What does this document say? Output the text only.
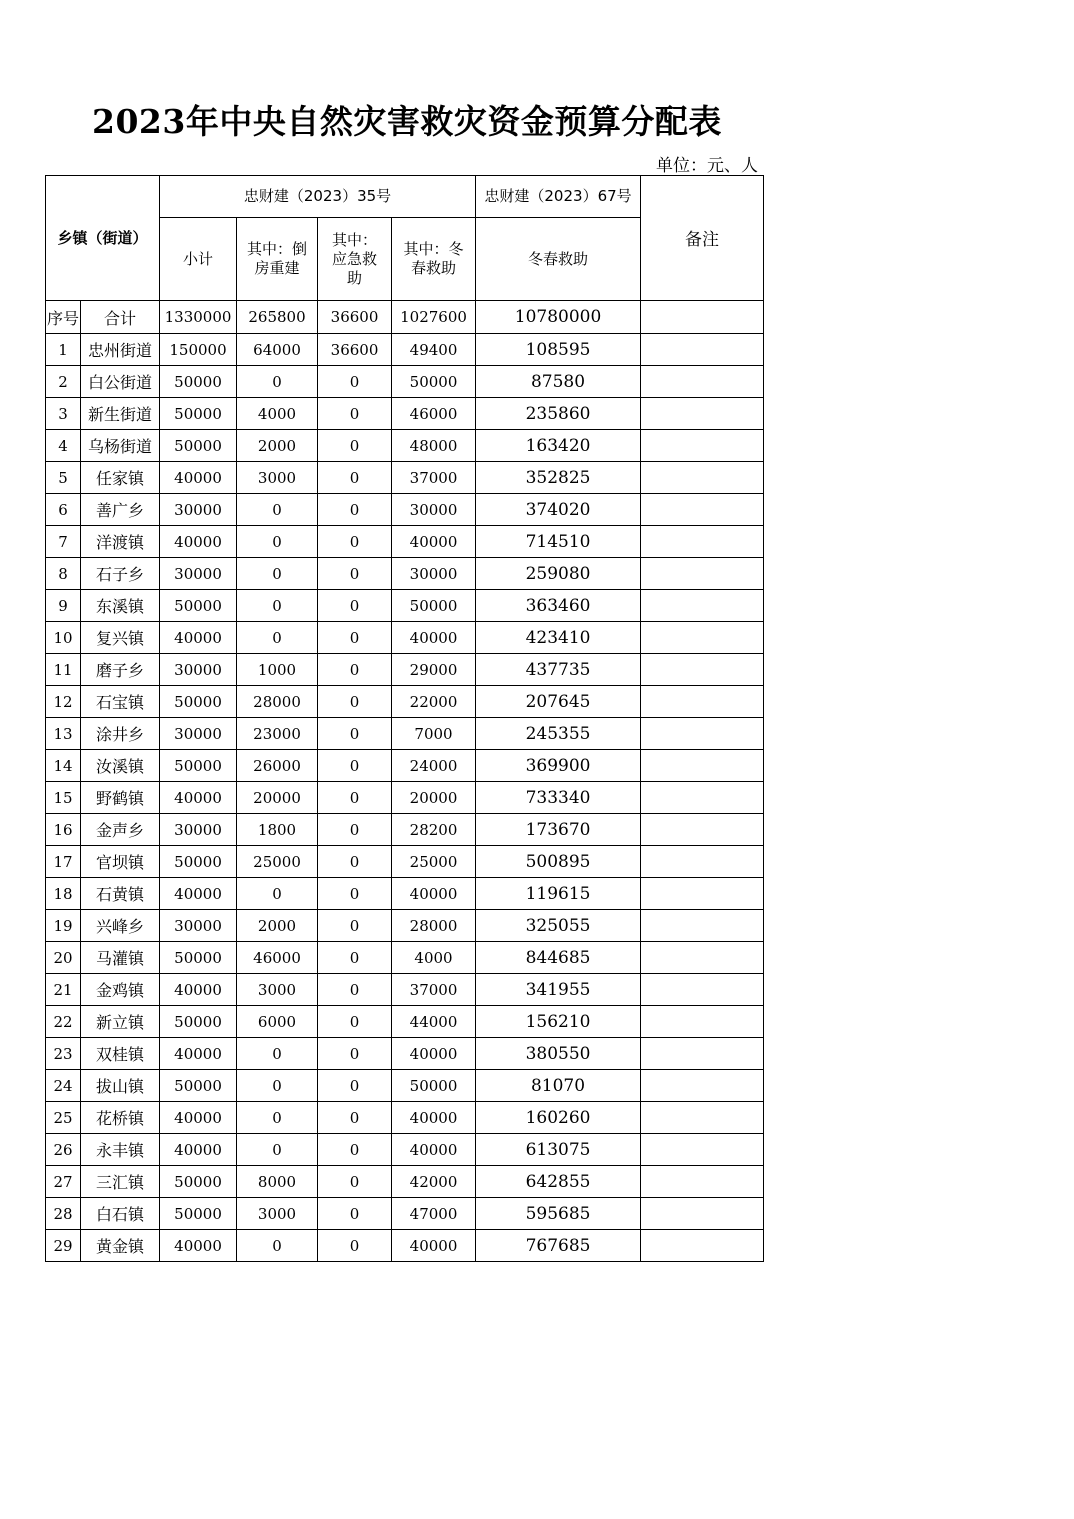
2023年中央自然灾害救灾资金预算分配表
单位：元、人
乡镇（街道）		忠财建（2023）35号				忠财建（2023）67号	备注
		小计	其中：倒房重建	其中：应急救助	其中：冬春救助	冬春救助	
序号	合计	1330000	265800	36600	1027600	10780000	
1	忠州街道	150000	64000	36600	49400	108595	
2	白公街道	50000	0	0	50000	87580	
3	新生街道	50000	4000	0	46000	235860	
4	乌杨街道	50000	2000	0	48000	163420	
5	任家镇	40000	3000	0	37000	352825	
6	善广乡	30000	0	0	30000	374020	
7	洋渡镇	40000	0	0	40000	714510	
8	石子乡	30000	0	0	30000	259080	
9	东溪镇	50000	0	0	50000	363460	
10	复兴镇	40000	0	0	40000	423410	
11	磨子乡	30000	1000	0	29000	437735	
12	石宝镇	50000	28000	0	22000	207645	
13	涂井乡	30000	23000	0	7000	245355	
14	汝溪镇	50000	26000	0	24000	369900	
15	野鹤镇	40000	20000	0	20000	733340	
16	金声乡	30000	1800	0	28200	173670	
17	官坝镇	50000	25000	0	25000	500895	
18	石黄镇	40000	0	0	40000	119615	
19	兴峰乡	30000	2000	0	28000	325055	
20	马灌镇	50000	46000	0	4000	844685	
21	金鸡镇	40000	3000	0	37000	341955	
22	新立镇	50000	6000	0	44000	156210	
23	双桂镇	40000	0	0	40000	380550	
24	拔山镇	50000	0	0	50000	81070	
25	花桥镇	40000	0	0	40000	160260	
26	永丰镇	40000	0	0	40000	613075	
27	三汇镇	50000	8000	0	42000	642855	
28	白石镇	50000	3000	0	47000	595685	
29	黄金镇	40000	0	0	40000	767685	
